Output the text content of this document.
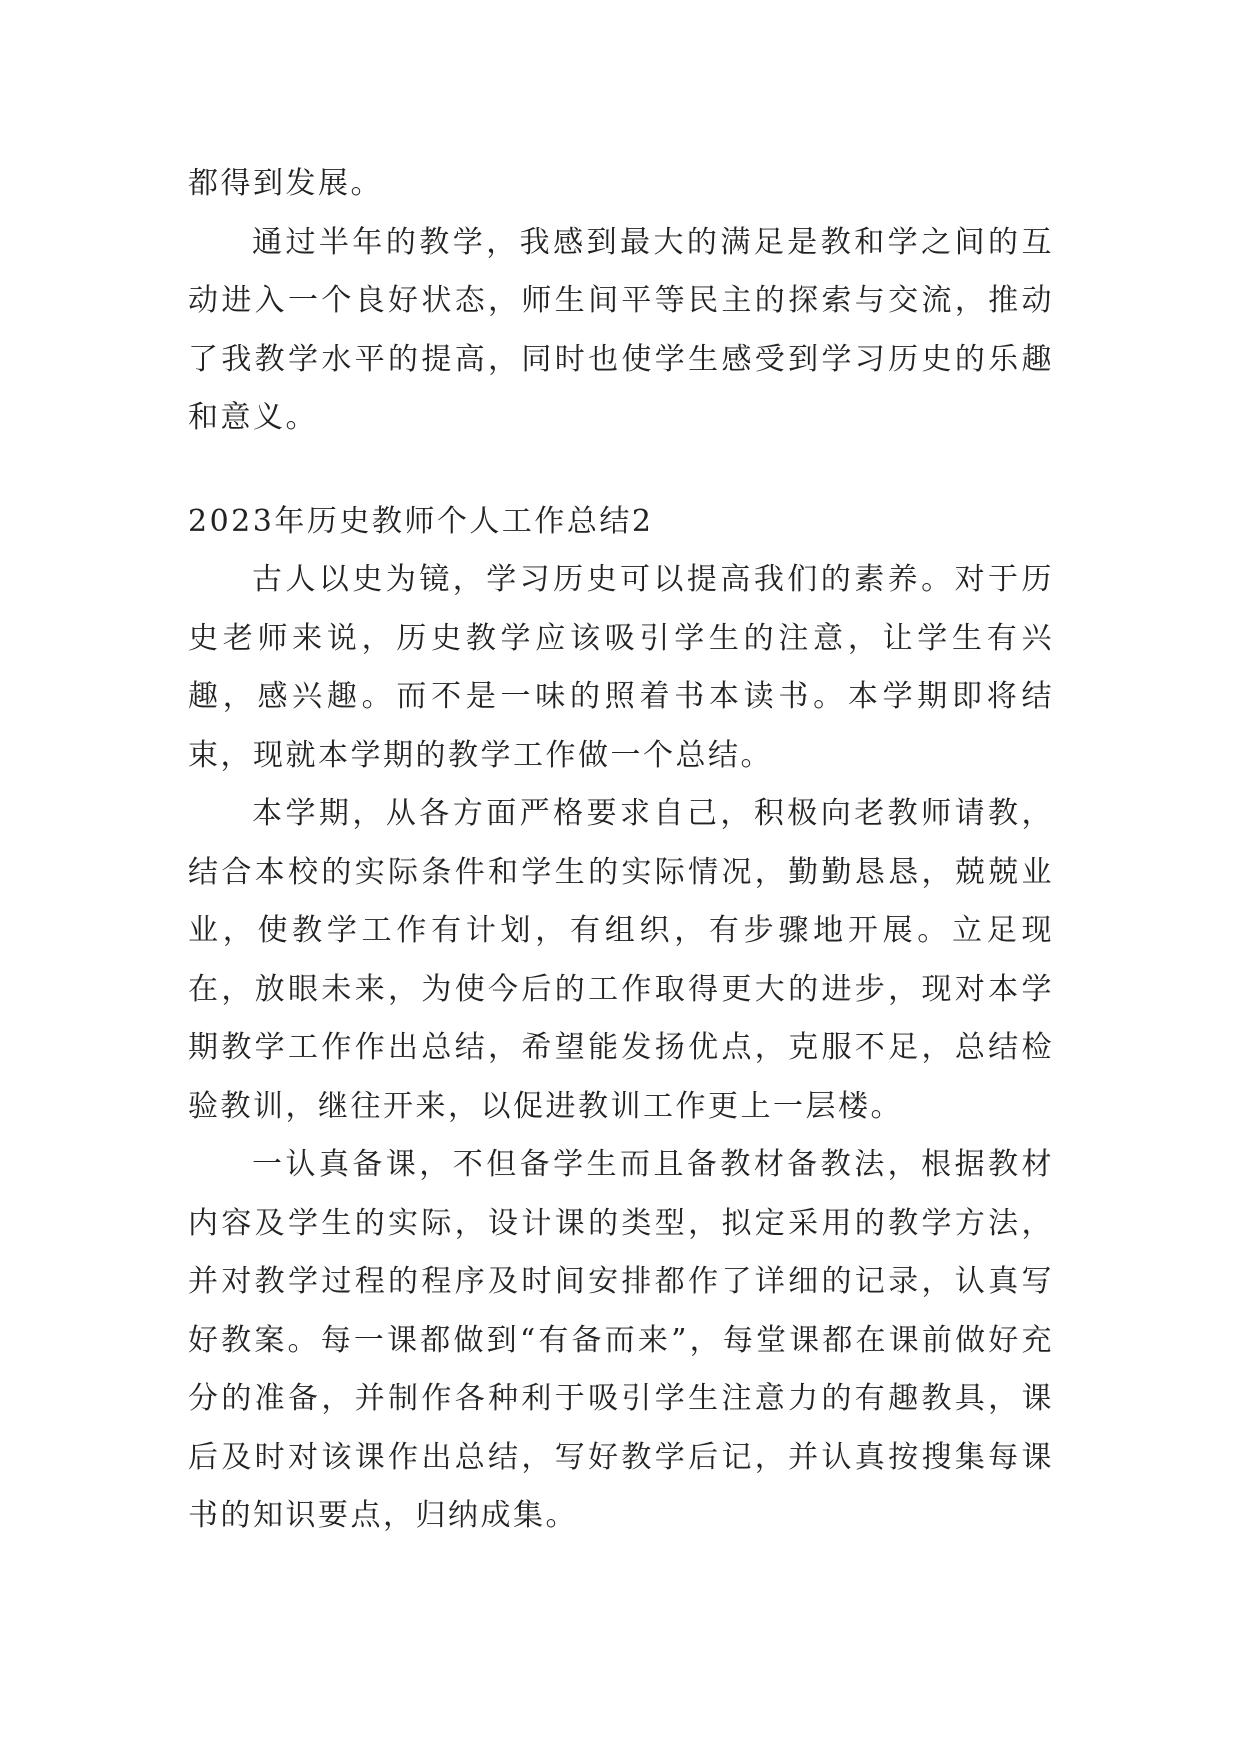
都得到发展。

通过半年的教学，我感到最大的满足是教和学之间的互动进入一个良好状态，师生间平等民主的探索与交流，推动了我教学水平的提高，同时也使学生感受到学习历史的乐趣和意义。

2023年历史教师个人工作总结2

古人以史为镜，学习历史可以提高我们的素养。对于历史老师来说，历史教学应该吸引学生的注意，让学生有兴趣，感兴趣。而不是一味的照着书本读书。本学期即将结束，现就本学期的教学工作做一个总结。

本学期，从各方面严格要求自己，积极向老教师请教，结合本校的实际条件和学生的实际情况，勤勤恳恳，兢兢业业，使教学工作有计划，有组织，有步骤地开展。立足现在，放眼未来，为使今后的工作取得更大的进步，现对本学期教学工作作出总结，希望能发扬优点，克服不足，总结检验教训，继往开来，以促进教训工作更上一层楼。

一认真备课，不但备学生而且备教材备教法，根据教材内容及学生的实际，设计课的类型，拟定采用的教学方法，并对教学过程的程序及时间安排都作了详细的记录，认真写好教案。每一课都做到“有备而来”，每堂课都在课前做好充分的准备，并制作各种利于吸引学生注意力的有趣教具，课后及时对该课作出总结，写好教学后记，并认真按搜集每课书的知识要点，归纳成集。
